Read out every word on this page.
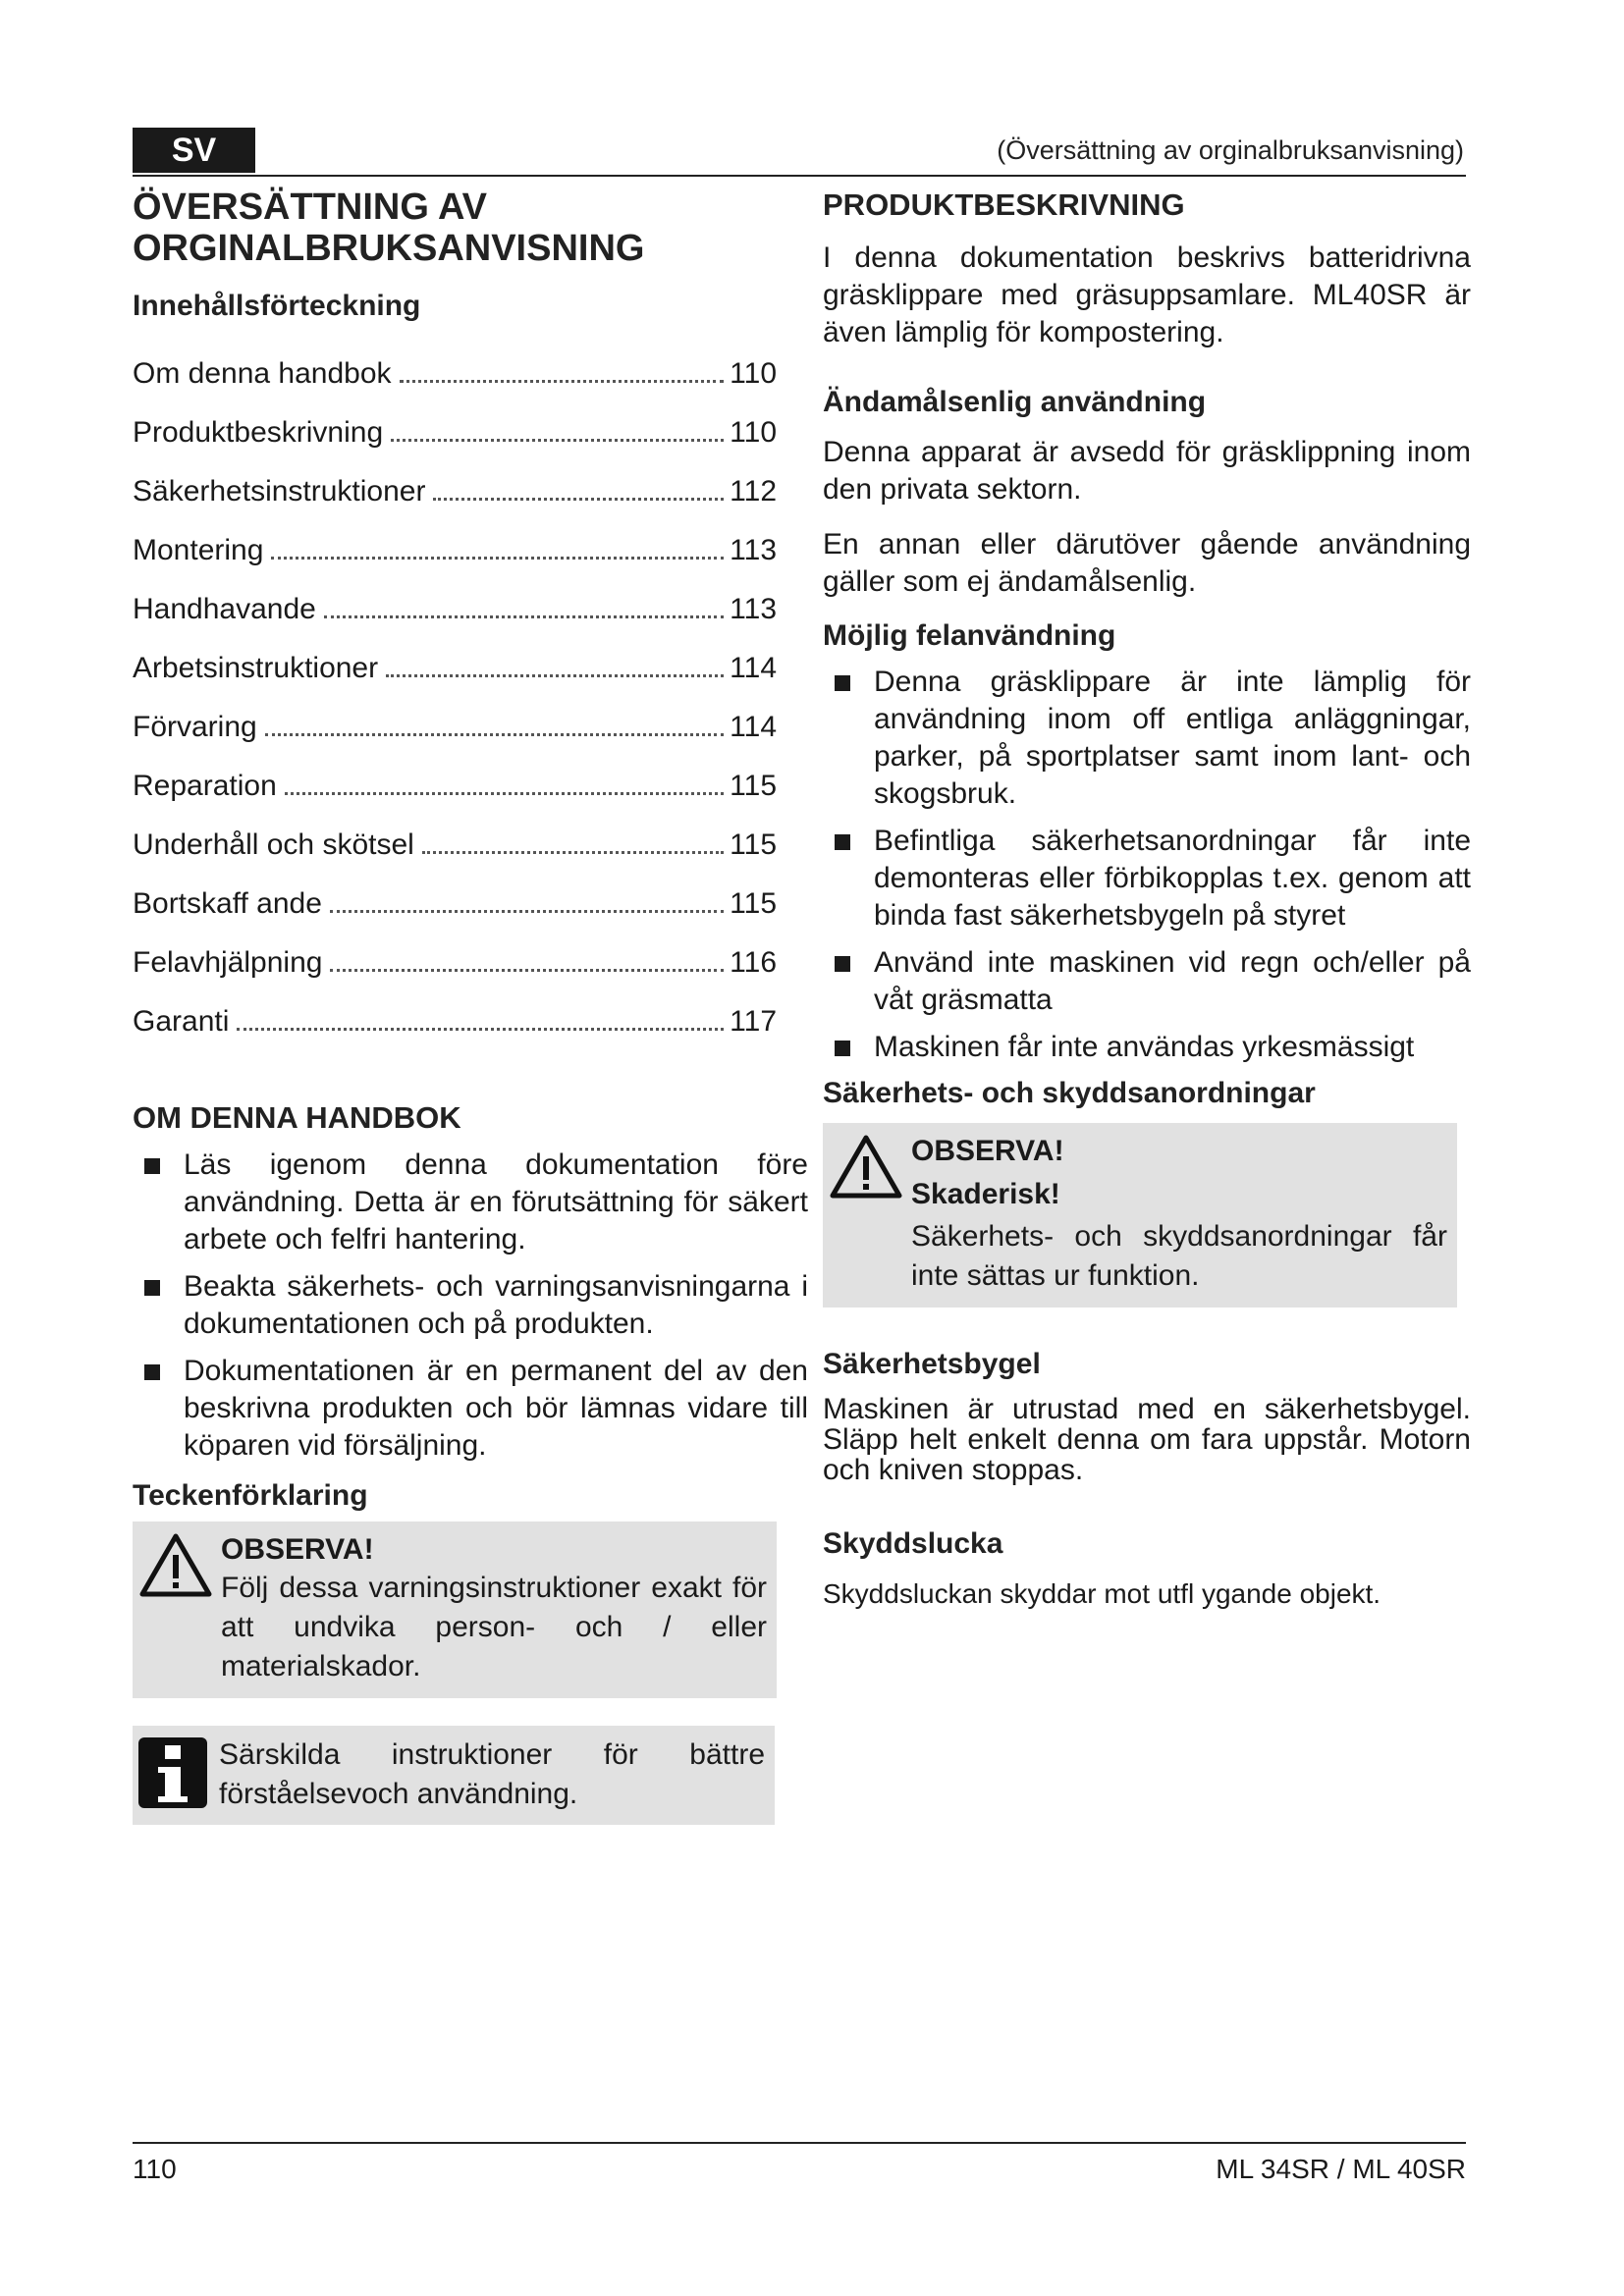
SV	(Översättning av orginalbruksanvisning)
ÖVERSÄTTNING AV ORGINALBRUKSANVISNING
Innehållsförteckning
Om denna handbok	110
Produktbeskrivning	110
Säkerhetsinstruktioner	112
Montering	113
Handhavande	113
Arbetsinstruktioner	114
Förvaring	114
Reparation	115
Underhåll och skötsel	115
Bortskaff ande	115
Felavhjälpning	116
Garanti	117
OM DENNA HANDBOK
Läs igenom denna dokumentation före användning. Detta är en förutsättning för säkert arbete och felfri hantering.
Beakta säkerhets- och varningsanvisningarna i dokumentationen och på produkten.
Dokumentationen är en permanent del av den beskrivna produkten och bör lämnas vidare till köparen vid försäljning.
Teckenförklaring
OBSERVA!

Följ dessa varningsinstruktioner exakt för att undvika person- och / eller materialskador.

Särskilda instruktioner för bättre förståelsevoch användning.

PRODUKTBESKRIVNING

I denna dokumentation beskrivs batteridrivna gräsklippare med gräsuppsamlare. ML40SR är även lämplig för kompostering.

Ändamålsenlig användning

Denna apparat är avsedd för gräsklippning inom den privata sektorn.

En annan eller därutöver gående användning gäller som ej ändamålsenlig.

Möjlig felanvändning
Denna gräsklippare är inte lämplig för användning inom off entliga anläggningar, parker, på sportplatser samt inom lant- och skogsbruk.
Befintliga säkerhetsanordningar får inte demonteras eller förbikopplas t.ex. genom att binda fast säkerhetsbygeln på styret
Använd inte maskinen vid regn och/eller på våt gräsmatta
Maskinen får inte användas yrkesmässigt
Säkerhets- och skyddsanordningar
OBSERVA!
Skaderisk!

Säkerhets- och skyddsanordningar får inte sättas ur funktion.

Säkerhetsbygel

Maskinen är utrustad med en säkerhetsbygel. Släpp helt enkelt denna om fara uppstår. Motorn och kniven stoppas.

Skyddslucka

Skyddsluckan skyddar mot utfl ygande objekt.

110	ML 34SR / ML 40SR
